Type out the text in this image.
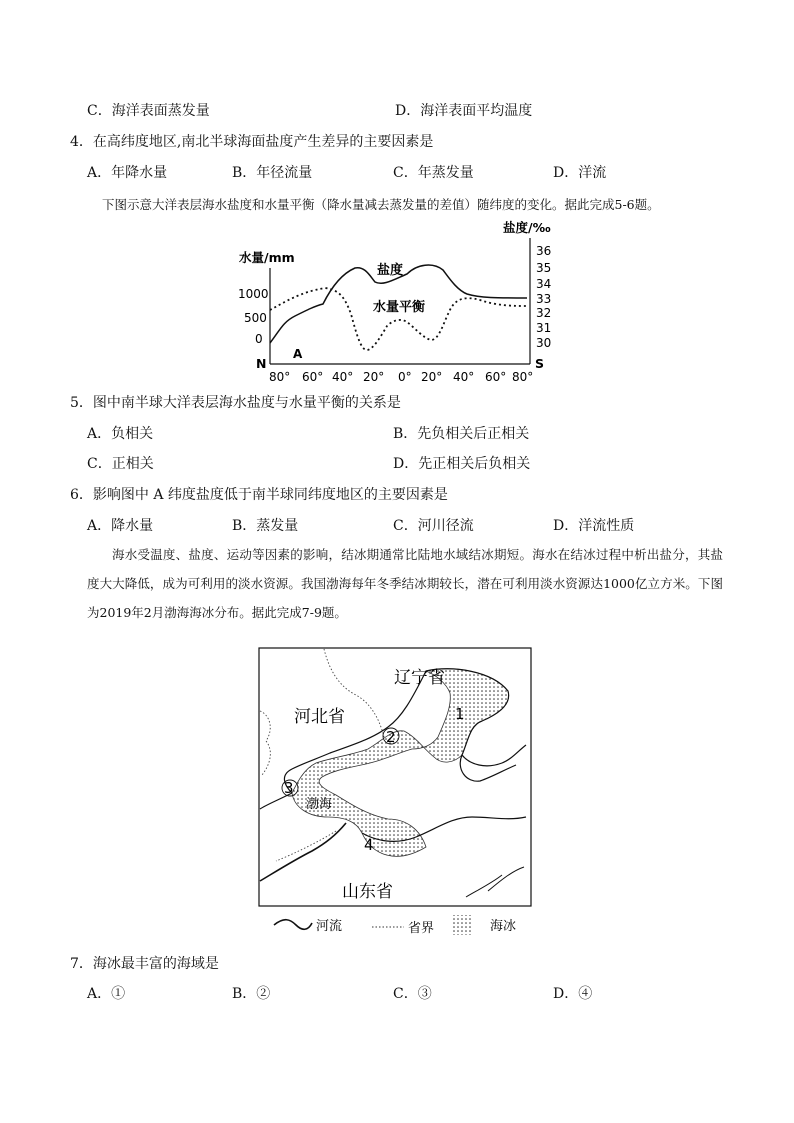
C．海洋表面蒸发量	D．海洋表面平均温度
4．在高纬度地区,南北半球海面盐度产生差异的主要因素是
A．年降水量	B．年径流量	C．年蒸发量	D．洋流
下图示意大洋表层海水盐度和水量平衡（降水量减去蒸发量的差值）随纬度的变化。据此完成5-6题。
水量/mm
1000
500
0
N
盐度/‰
36
35
34
33
32
31
30
S
80° 60° 40° 20° 0° 20° 40° 60° 80°
A
盐度
水量平衡
5．图中南半球大洋表层海水盐度与水量平衡的关系是
A．负相关	B．先负相关后正相关
C．正相关	D．先正相关后负相关
6．影响图中 A 纬度盐度低于南半球同纬度地区的主要因素是
A．降水量	B．蒸发量	C．河川径流	D．洋流性质
海水受温度、盐度、运动等因素的影响，结冰期通常比陆地水域结冰期短。海水在结冰过程中析出盐分，其盐度大大降低，成为可利用的淡水资源。我国渤海每年冬季结冰期较长，潜在可利用淡水资源达1000亿立方米。下图为2019年2月渤海海冰分布。据此完成7-9题。
辽宁省
河北省
山东省
渤海
1
2
3
4
河流	省界	海冰
7．海冰最丰富的海域是
A．①	B．②	C．③	D．④
